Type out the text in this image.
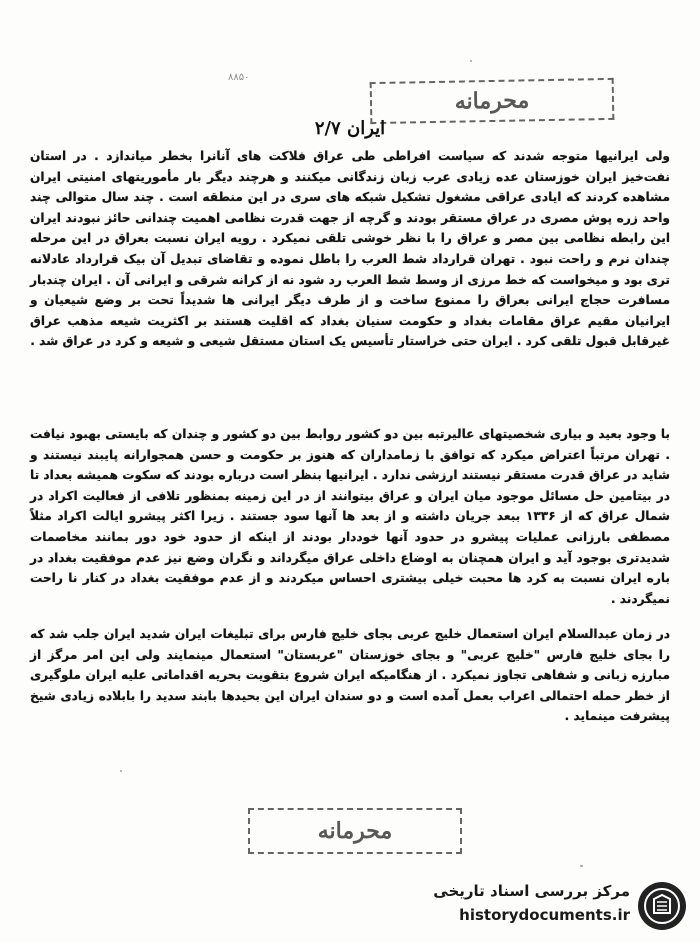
۸۸۵۰
محرمانه
ایران ۲/۷
ولی ایرانیها متوجه شدند که سیاست افراطی طی عراق فلاکت های آنانرا بخطر میاندازد . در استان نفت‌خیز ایران خوزستان عده زیادی عرب زبان زندگانی میکنند و هرچند دیگر بار مأموریتهای امنیتی ایران مشاهده کردند که ایادی عراقی مشغول تشکیل شبکه های سری در این منطقه است . چند سال متوالی چند واحد زره پوش مصری در عراق مستقر بودند و گرچه از جهت قدرت نظامی اهمیت چندانی حائز نبودند ایران این رابطه نظامی بین مصر و عراق را با نظر خوشی تلقی نمیکرد . رویه ایران نسبت بعراق در این مرحله چندان نرم و راحت نبود . تهران قرارداد شط العرب را باطل نموده و تقاضای تبدیل آن بیک قرارداد عادلانه تری بود و میخواست که خط مرزی از وسط شط العرب رد شود نه از کرانه شرقی و ایرانی آن . ایران چندبار مسافرت حجاج ایرانی بعراق را ممنوع ساخت و از طرف دیگر ایرانی ها شدیداً تحت بر وضع شیعیان و ایرانیان مقیم عراق مقامات بغداد و حکومت سنیان بغداد که اقلیت هستند بر اکثریت شیعه مذهب عراق غیرقابل قبول تلقی کرد . ایران حتی خراستار تأسیس یک استان مستقل شیعی و شیعه و کرد در عراق شد .
با وجود بعید و بیاری شخصیتهای عالیرتبه بین دو کشور روابط بین دو کشور و چندان که بایستی بهبود نیافت . تهران مرتباً اعتراض میکرد که توافق با زمامداران که هنوز بر حکومت و حسن همجوارانه پایبند نیستند و شاید در عراق قدرت مستقر نیستند ارزشی ندارد . ایرانیها بنظر است درباره بودند که سکوت همیشه بعداد تا در بیتامین حل مسائل موجود میان ایران و عراق بیتوانند از در این زمینه بمنظور تلافی از فعالیت اکراد در شمال عراق که از ۱۳۳۶ ببعد جریان داشته و از بعد ها آنها سود جستند . زیرا اکثر پیشرو ایالت اکراد مثلاً مصطفی بارزانی عملیات پیشرو در حدود آنها خوددار بودند از اینکه از حدود خود دور بمانند مخاصمات شدیدتری بوجود آید و ایران همچنان به اوضاع داخلی عراق میگرداند و نگران وضع نیز عدم موفقیت بغداد در باره ایران نسبت به کرد ها محبت خیلی بیشتری احساس میکردند و از عدم موفقیت بغداد در کنار نا راحت نمیگردند .
در زمان عبدالسلام ایران استعمال خلیج عربی بجای خلیج فارس برای تبلیغات ایران شدید ایران جلب شد که را بجای خلیج فارس "خلیج عربی" و بجای خوزستان "عربستان" استعمال مینمایند ولی این امر مرگز از مبارزه زبانی و شفاهی تجاوز نمیکرد . از هنگامیکه ایران شروع بتقویت بحریه اقداماتی علیه ایران ملوگیری از خطر حمله احتمالی اعراب بعمل آمده است و دو سندان ایران این بحیدها بابند سدید را بابلاده زیادی شیخ پیشرفت مینماید .
محرمانه
مرکز بررسی اسناد تاریخی
historydocuments.ir
